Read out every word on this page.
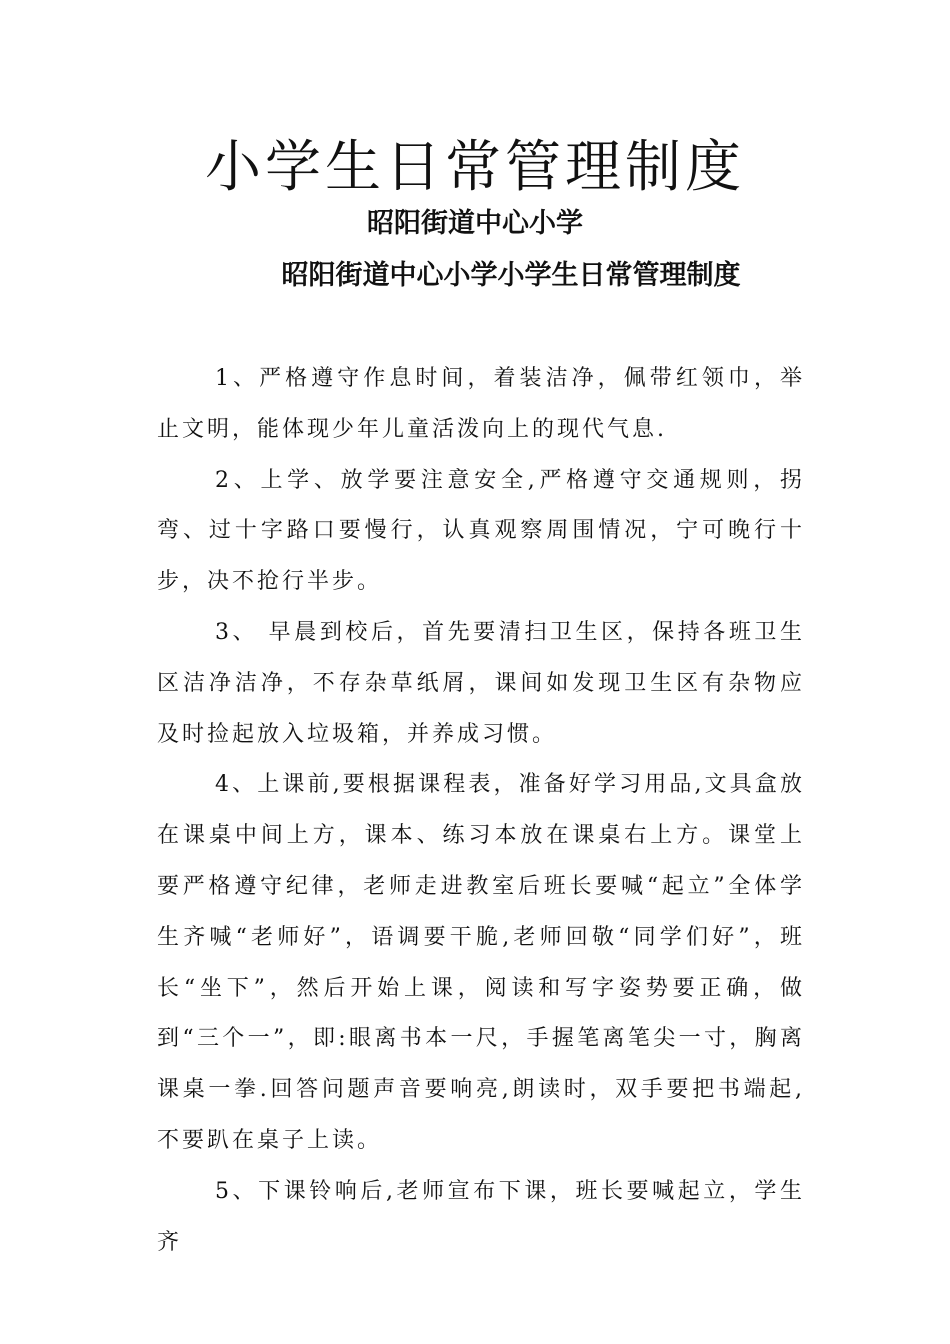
小学生日常管理制度
昭阳街道中心小学
昭阳街道中心小学小学生日常管理制度

1、严格遵守作息时间，着装洁净，佩带红领巾，举止文明，能体现少年儿童活泼向上的现代气息.

2、上学、放学要注意安全,严格遵守交通规则，拐弯、过十字路口要慢行，认真观察周围情况，宁可晚行十步，决不抢行半步。

3、 早晨到校后，首先要清扫卫生区，保持各班卫生区洁净洁净，不存杂草纸屑，课间如发现卫生区有杂物应及时捡起放入垃圾箱，并养成习惯。

4、上课前,要根据课程表，准备好学习用品,文具盒放在课桌中间上方，课本、练习本放在课桌右上方。课堂上要严格遵守纪律，老师走进教室后班长要喊“起立”全体学生齐喊“老师好”，语调要干脆,老师回敬“同学们好”，班长“坐下”，然后开始上课，阅读和写字姿势要正确，做到“三个一”，即:眼离书本一尺，手握笔离笔尖一寸，胸离课桌一拳.回答问题声音要响亮,朗读时，双手要把书端起,不要趴在桌子上读。

5、下课铃响后,老师宣布下课，班长要喊起立，学生齐
